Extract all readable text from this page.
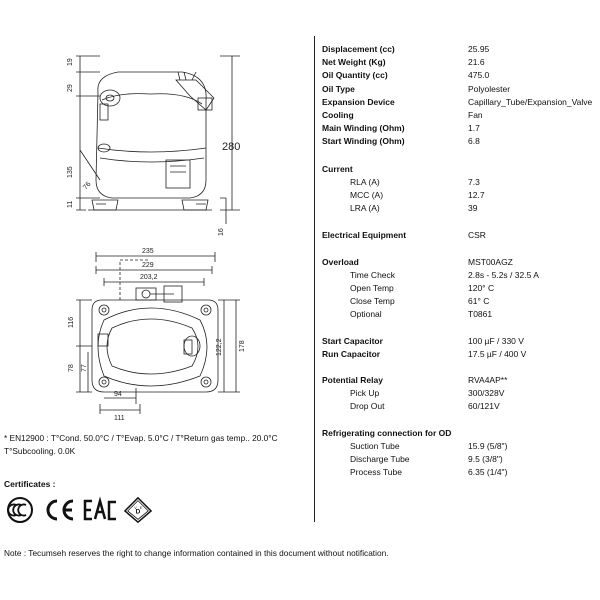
19
29
135
76
11
280
16
235
229
203,2
116
122,2 178
78 77
94
111
Displacement (cc)	25.95
Net Weight (Kg)	21.6
Oil Quantity (cc)	475.0
Oil Type	Polyolester
Expansion Device	Capillary_Tube/Expansion_Valve
Cooling	Fan
Main Winding (Ohm)	1.7
Start Winding (Ohm)	6.8
Current
RLA (A)	7.3
MCC (A)	12.7
LRA (A)	39
Electrical Equipment	CSR
Overload	MST00AGZ
Time Check	2.8s - 5.2s / 32.5 A
Open Temp	120° C
Close Temp	61° C
Optional	T0861
Start Capacitor	100 µF / 330 V
Run Capacitor	17.5 µF / 400 V
Potential Relay	RVA4AP**
Pick Up	300/328V
Drop Out	60/121V
Refrigerating connection for OD
Suction Tube	15.9 (5/8")
Discharge Tube	9.5 (3/8")
Process Tube	6.35 (1/4")
* EN12900 : T°Cond. 50.0°C / T°Evap. 5.0°C / T°Return gas temp.. 20.0°C T°Subcooling. 0.0K
Certificates :
D
V E
Note : Tecumseh reserves the right to change information contained in this document without notification.
